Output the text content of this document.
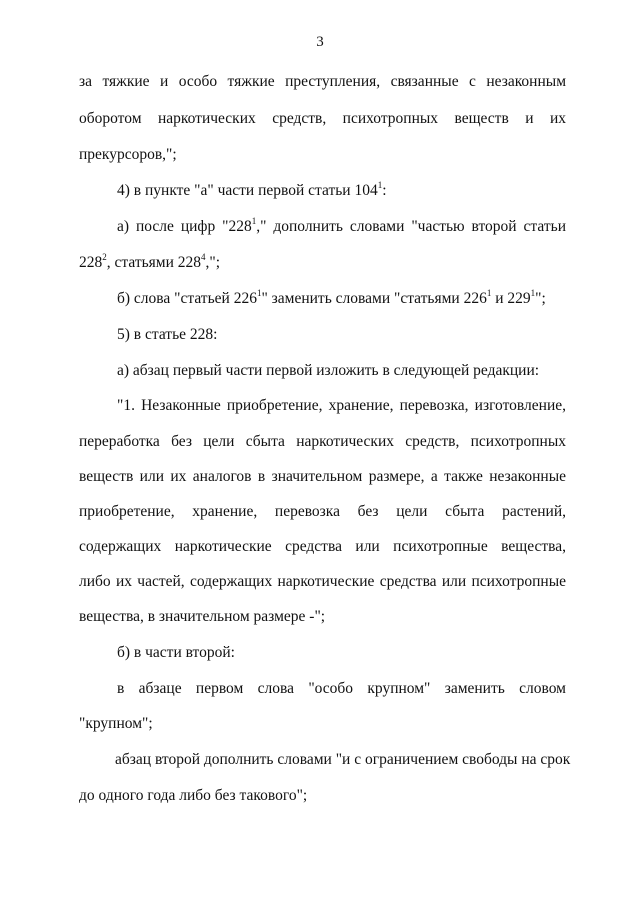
3
за тяжкие и особо тяжкие преступления, связанные с незаконным
оборотом наркотических средств, психотропных веществ и их
прекурсоров,";
4) в пункте "а" части первой статьи $104^1$:
а) после цифр "$228^1$," дополнить словами "частью второй статьи
$228^2$, статьями $228^4$,";
б) слова "статьей $226^1$" заменить словами "статьями $226^1$ и $229^1$";
5) в статье 228:
а) абзац первый части первой изложить в следующей редакции:
"1. Незаконные приобретение, хранение, перевозка, изготовление,
переработка без цели сбыта наркотических средств, психотропных
веществ или их аналогов в значительном размере, а также незаконные
приобретение, хранение, перевозка без цели сбыта растений,
содержащих наркотические средства или психотропные вещества,
либо их частей, содержащих наркотические средства или психотропные
вещества, в значительном размере -";
б) в части второй:
в абзаце первом слова "особо крупном" заменить словом
"крупном";
абзац второй дополнить словами "и с ограничением свободы на срок
до одного года либо без такового";
